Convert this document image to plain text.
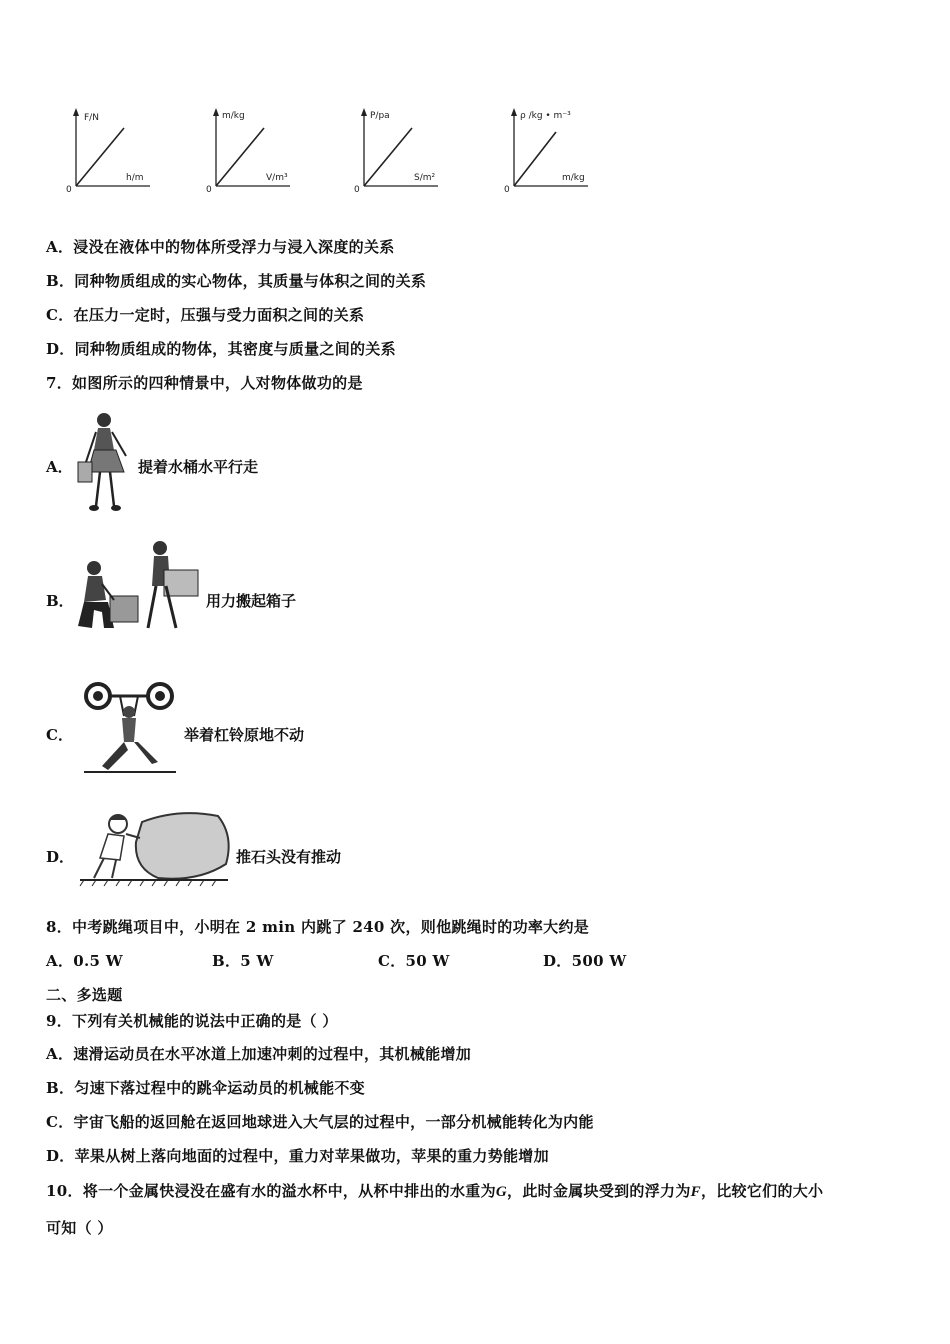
F/N
h/m
0
m/kg
V/m³
0
P/pa
S/m²
0
ρ /kg • m⁻³
m/kg
0
A．浸没在液体中的物体所受浮力与浸入深度的关系
B．同种物质组成的实心物体，其质量与体积之间的关系
C．在压力一定时，压强与受力面积之间的关系
D．同种物质组成的物体，其密度与质量之间的关系
7．如图所示的四种情景中，人对物体做功的是
A．	提着水桶水平行走
B．	用力搬起箱子
C．	举着杠铃原地不动
D．	推石头没有推动
8．中考跳绳项目中，小明在 2 min 内跳了 240 次，则他跳绳时的功率大约是
A．0.5 W	B．5 W	C．50 W	D．500 W
二、多选题
9．下列有关机械能的说法中正确的是（ ）
A．速滑运动员在水平冰道上加速冲刺的过程中，其机械能增加
B．匀速下落过程中的跳伞运动员的机械能不变
C．宇宙飞船的返回舱在返回地球进入大气层的过程中，一部分机械能转化为内能
D．苹果从树上落向地面的过程中，重力对苹果做功，苹果的重力势能增加
10．将一个金属快浸没在盛有水的溢水杯中，从杯中排出的水重为G，此时金属块受到的浮力为F，比较它们的大小
可知（ ）
